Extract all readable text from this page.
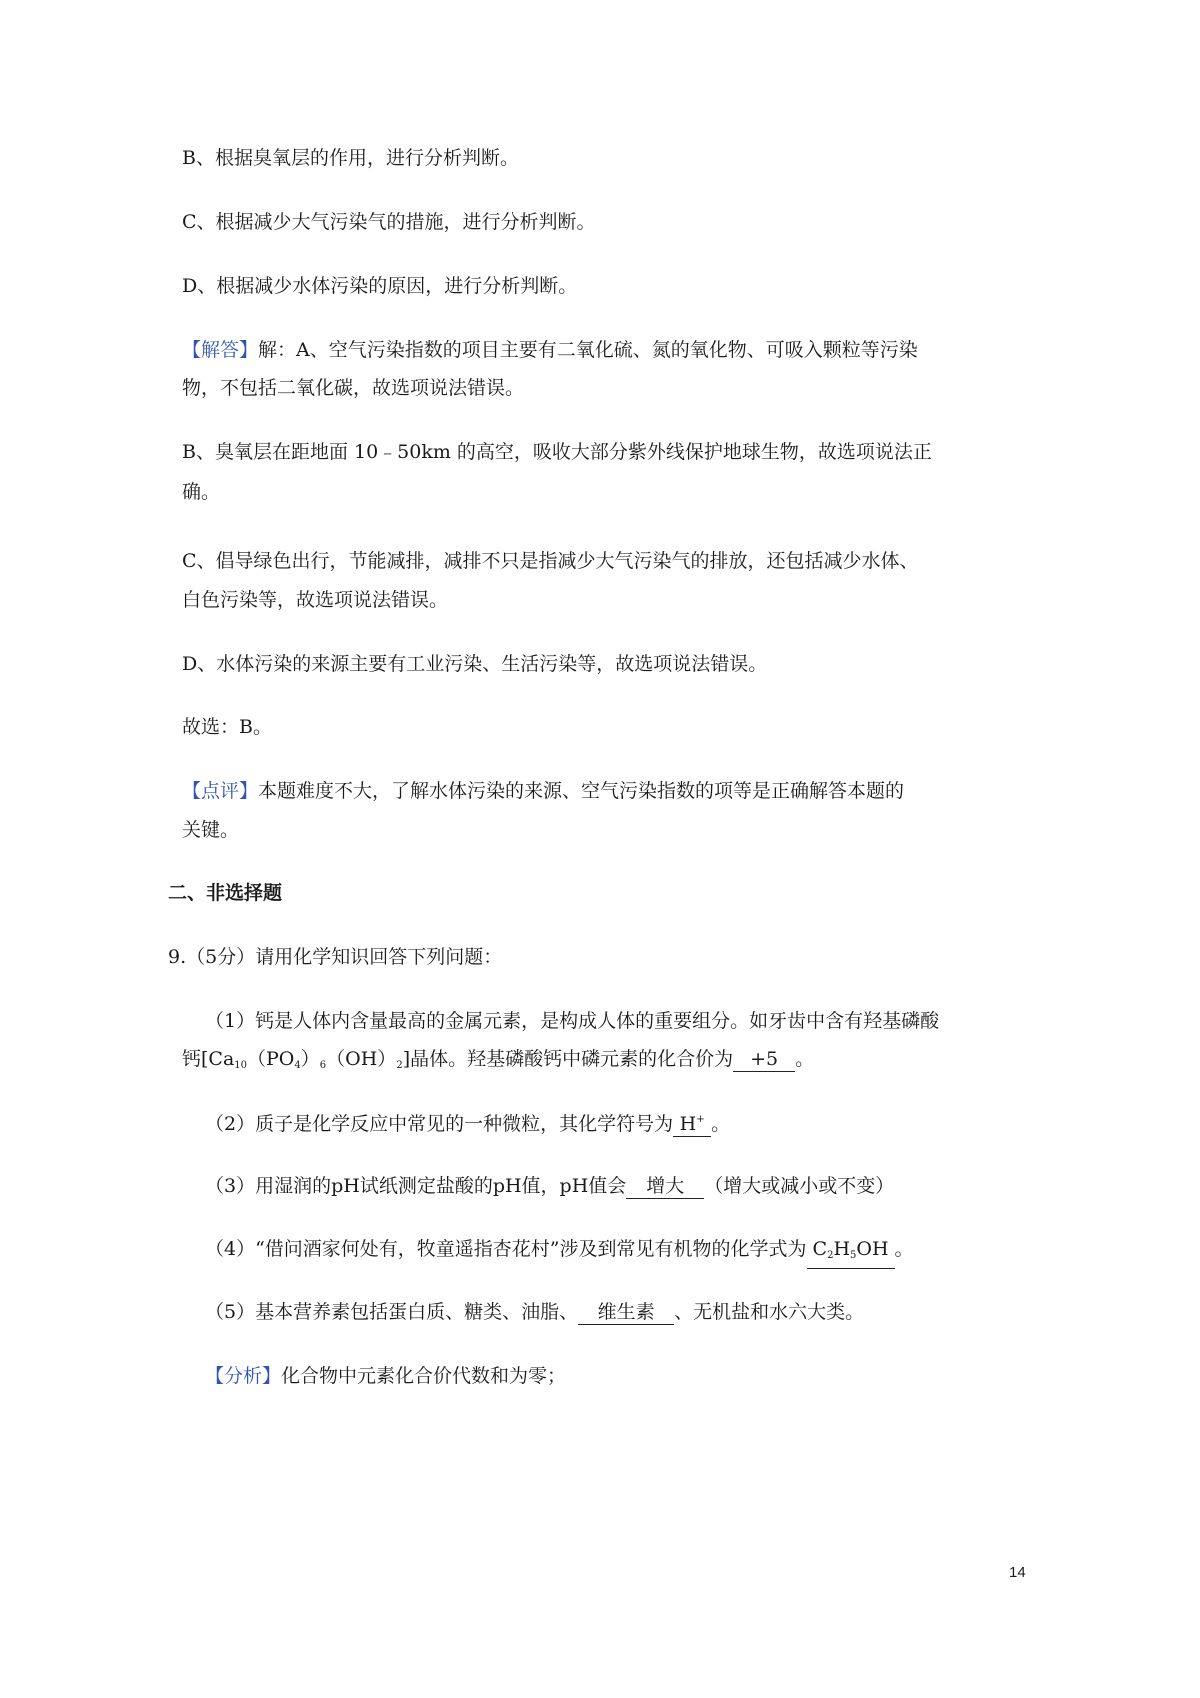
B、根据臭氧层的作用，进行分析判断。
C、根据减少大气污染气的措施，进行分析判断。
D、根据减少水体污染的原因，进行分析判断。
【解答】解：A、空气污染指数的项目主要有二氧化硫、氮的氧化物、可吸入颗粒等污染
物，不包括二氧化碳，故选项说法错误。
B、臭氧层在距地面 10﹣50km 的高空，吸收大部分紫外线保护地球生物，故选项说法正
确。
C、倡导绿色出行，节能减排，减排不只是指减少大气污染气的排放，还包括减少水体、
白色污染等，故选项说法错误。
D、水体污染的来源主要有工业污染、生活污染等，故选项说法错误。
故选：B。
【点评】本题难度不大，了解水体污染的来源、空气污染指数的项等是正确解答本题的
关键。
二、非选择题
9.（5分）请用化学知识回答下列问题：
（1）钙是人体内含量最高的金属元素，是构成人体的重要组分。如牙齿中含有羟基磷酸
钙$[Ca_{10}(PO_4)_6(OH)_2]$晶体。羟基磷酸钙中磷元素的化合价为 +5 。
（2）质子是化学反应中常见的一种微粒，其化学符号为 H+ 。
（3）用湿润的pH试纸测定盐酸的pH值，pH值会 增大 （增大或减小或不变）
（4）“借问酒家何处有，牧童遥指杏花村”涉及到常见有机物的化学式为 $C_2H_5OH$ 。
（5）基本营养素包括蛋白质、糖类、油脂、 维生素 、无机盐和水六大类。
【分析】化合物中元素化合价代数和为零；
14
